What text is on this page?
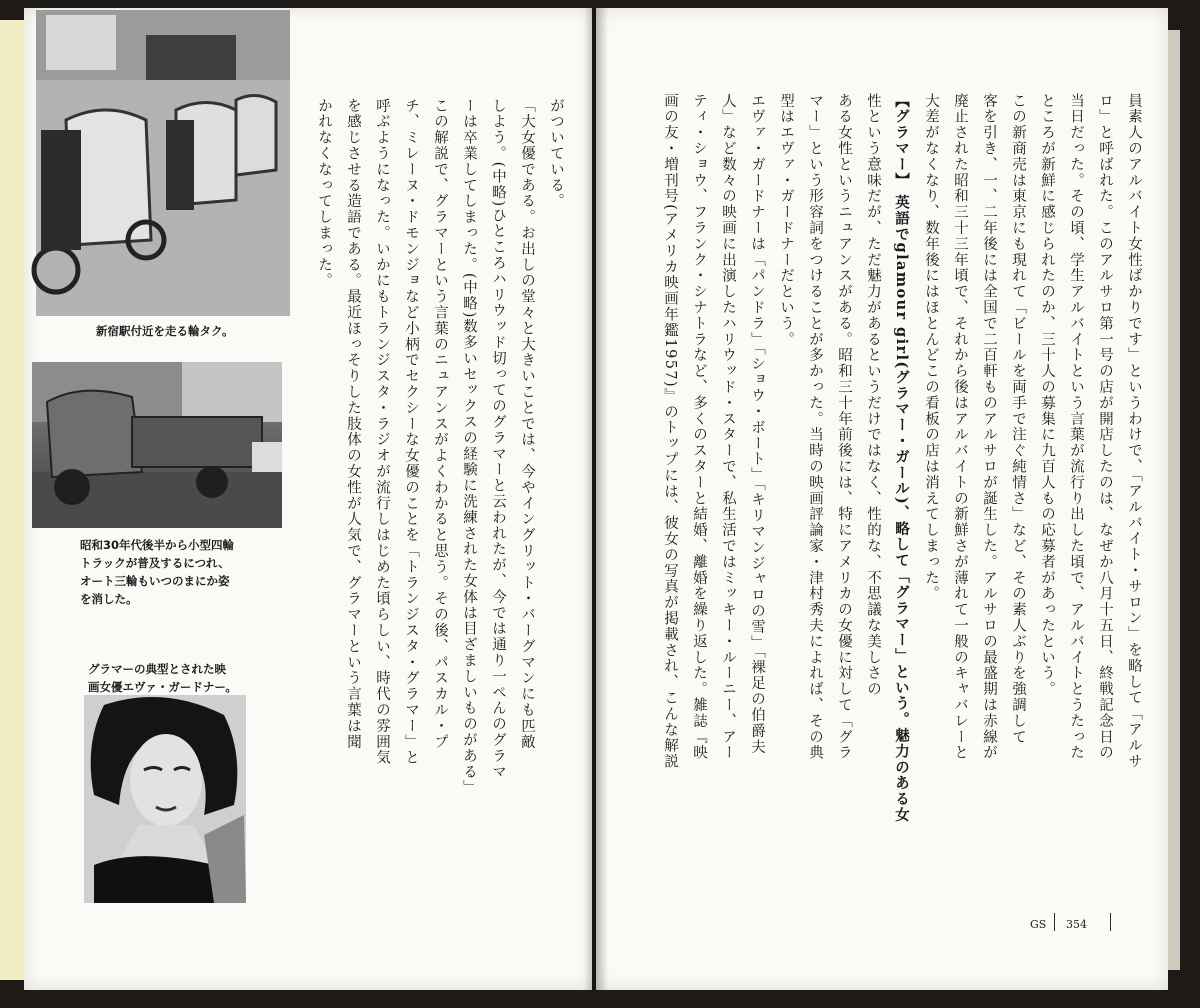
新宿駅付近を走る輪タク。
昭和30年代後半から小型四輪
トラックが普及するにつれ、
オート三輪もいつのまにか姿
を消した。
グラマーの典型とされた映
画女優エヴァ・ガードナー。

がついている。

「大女優である。お出しの堂々と大きいことでは、今やイングリット・バーグマンにも匹敵

しよう。(中略)ひところハリウッド切ってのグラマーと云われたが、今では通り一ぺんのグラマ

ーは卒業してしまった。(中略)数多いセックスの経験に洗練された女体は目ざましいものがある」

この解説で、グラマーという言葉のニュアンスがよくわかると思う。その後、パスカル・プ

チ、ミレーヌ・ドモンジョなど小柄でセクシーな女優のことを「トランジスタ・グラマー」と

呼ぶようになった。いかにもトランジスタ・ラジオが流行しはじめた頃らしい、時代の雰囲気

を感じさせる造語である。最近ほっそりした肢体の女性が人気で、グラマーという言葉は聞

かれなくなってしまった。	員素人のアルバイト女性ばかりです」というわけで、「アルバイト・サロン」を略して「アルサ

ロ」と呼ばれた。このアルサロ第一号の店が開店したのは、なぜか八月十五日、終戦記念日の

当日だった。その頃、学生アルバイトという言葉が流行り出した頃で、アルバイトとうたった

ところが新鮮に感じられたのか、三十人の募集に九百人もの応募者があったという。

この新商売は東京にも現れて「ビールを両手で注ぐ純情さ」など、その素人ぶりを強調して

客を引き、一、二年後には全国で二百軒ものアルサロが誕生した。アルサロの最盛期は赤線が

廃止された昭和三十三年頃で、それから後はアルバイトの新鮮さが薄れて一般のキャバレーと

大差がなくなり、数年後にはほとんどこの看板の店は消えてしまった。

【グラマー】 英語でglamour girl(グラマー・ガール)、略して「グラマー」という。魅力のある女

性という意味だが、ただ魅力があるというだけではなく、性的な、不思議な美しさの

ある女性というニュアンスがある。昭和三十年前後には、特にアメリカの女優に対して「グラ

マー」という形容詞をつけることが多かった。当時の映画評論家・津村秀夫によれば、その典

型はエヴァ・ガードナーだという。

エヴァ・ガードナーは「パンドラ」「ショウ・ボート」「キリマンジャロの雪」「裸足の伯爵夫

人」など数々の映画に出演したハリウッド・スターで、私生活ではミッキー・ルーニー、アー

ティ・ショウ、フランク・シナトラなど、多くのスターと結婚、離婚を繰り返した。雑誌『映

画の友・増刊号(アメリカ映画年鑑1957)』のトップには、彼女の写真が掲載され、こんな解説

GS 354
